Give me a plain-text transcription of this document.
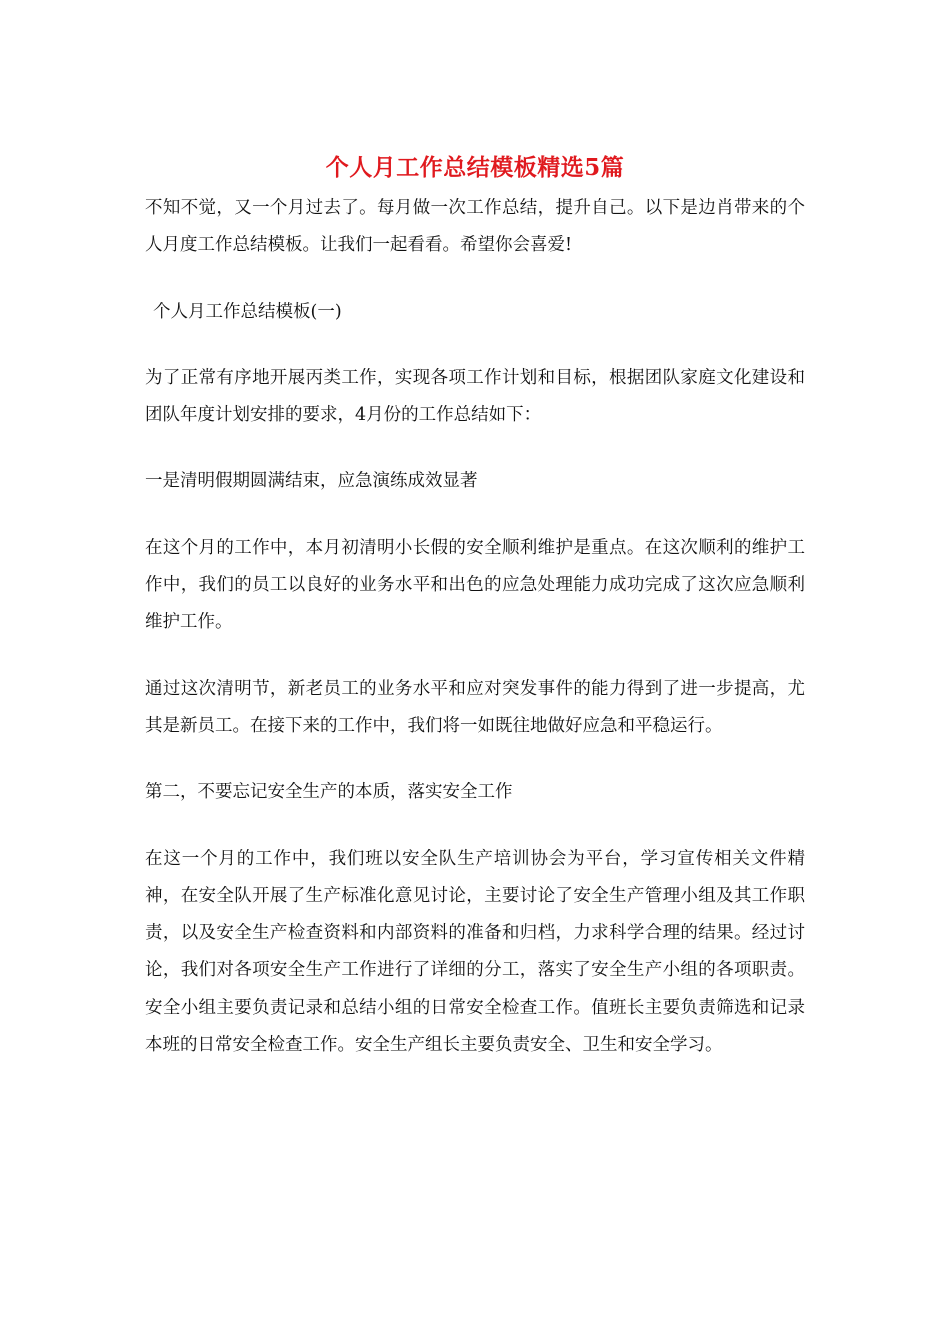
个人月工作总结模板精选5篇

不知不觉，又一个月过去了。每月做一次工作总结，提升自己。以下是边肖带来的个人月度工作总结模板。让我们一起看看。希望你会喜爱!

个人月工作总结模板(一)

为了正常有序地开展丙类工作，实现各项工作计划和目标，根据团队家庭文化建设和团队年度计划安排的要求，4月份的工作总结如下：

一是清明假期圆满结束，应急演练成效显著

在这个月的工作中，本月初清明小长假的安全顺利维护是重点。在这次顺利的维护工作中，我们的员工以良好的业务水平和出色的应急处理能力成功完成了这次应急顺利维护工作。

通过这次清明节，新老员工的业务水平和应对突发事件的能力得到了进一步提高，尤其是新员工。在接下来的工作中，我们将一如既往地做好应急和平稳运行。

第二，不要忘记安全生产的本质，落实安全工作

在这一个月的工作中，我们班以安全队生产培训协会为平台，学习宣传相关文件精神，在安全队开展了生产标准化意见讨论，主要讨论了安全生产管理小组及其工作职责，以及安全生产检查资料和内部资料的准备和归档，力求科学合理的结果。经过讨论，我们对各项安全生产工作进行了详细的分工，落实了安全生产小组的各项职责。安全小组主要负责记录和总结小组的日常安全检查工作。值班长主要负责筛选和记录本班的日常安全检查工作。安全生产组长主要负责安全、卫生和安全学习。
